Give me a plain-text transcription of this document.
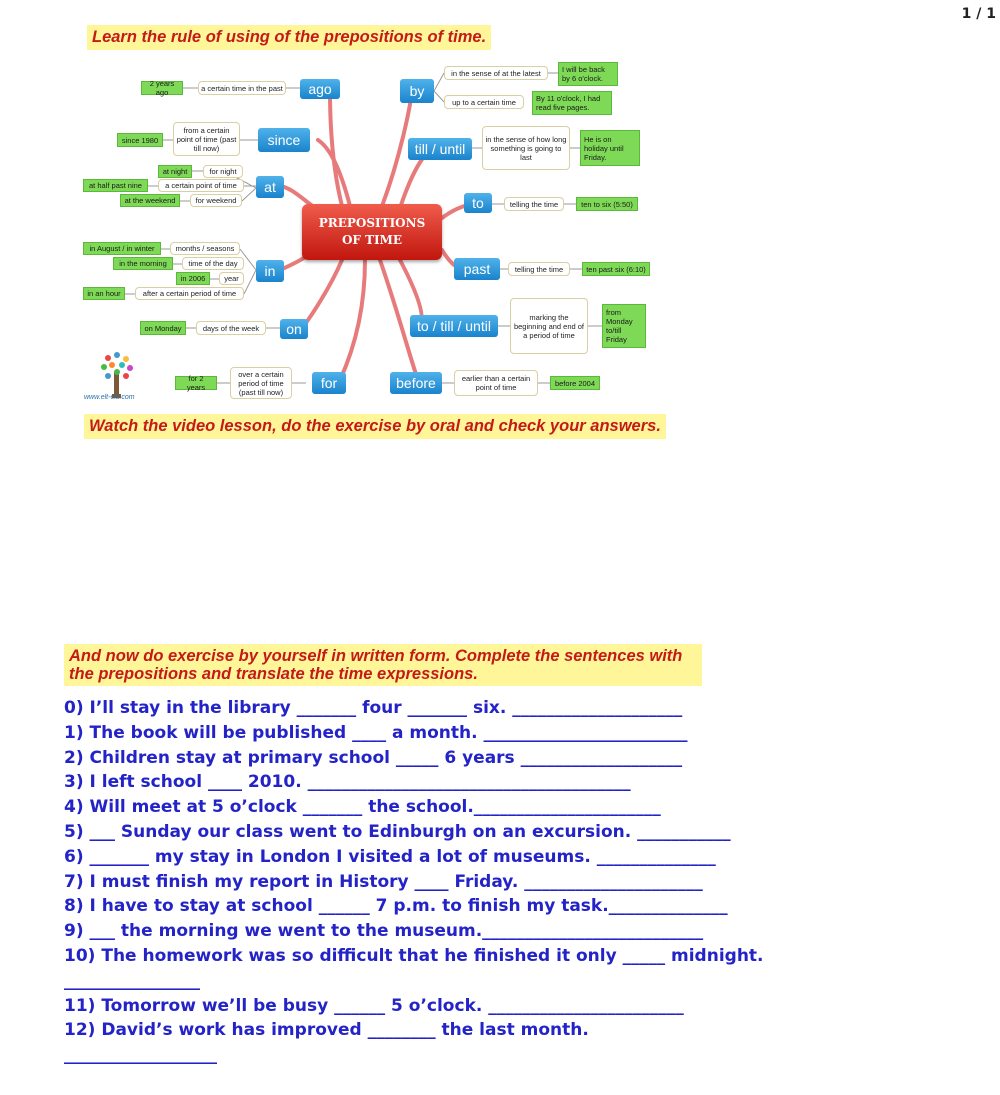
1 / 1
Learn the rule of using of the prepositions of time.
PREPOSITIONS
OF TIME
ago
a certain time in the past
2 years ago
since
from a certain point of time (past till now)
since 1980
at
for night
at night
a certain point of time
at half past nine
for weekend
at the weekend
in
months / seasons
in August / in winter
time of the day
in the morning
year
in 2006
after a certain period of time
in an hour
on
days of the week
on Monday
for
over a certain period of time (past till now)
for 2 years
by
in the sense of at the latest	I will be back by 6 o'clock.
up to a certain time	By 11 o'clock, I had read five pages.
till / until
in the sense of how long something is going to last
He is on holiday until Friday.
to	telling the time	ten to six (5:50)
past	telling the time	ten past six (6:10)
to / till / until
marking the beginning and end of a period of time
from Monday to/till Friday
before	earlier than a certain point of time	before 2004
www.elt-els.com
Watch the video lesson, do the exercise by oral and check your answers.
And now do exercise by yourself in written form. Complete the sentences with the prepositions and translate the time expressions.
0) I’ll stay in the library _______ four _______ six. ____________________
1) The book will be published ____ a month. ________________________
2) Children stay at primary school _____ 6 years ___________________
3) I left school ____ 2010. ______________________________________
4) Will meet at 5 o’clock _______ the school.______________________
5) ___ Sunday our class went to Edinburgh on an excursion. ___________
6) _______ my stay in London I visited a lot of museums. ______________
7) I must finish my report in History ____ Friday. _____________________
8) I have to stay at school ______ 7 p.m. to finish my task.______________
9) ___ the morning we went to the museum.__________________________
10) The homework was so difficult that he finished it only _____ midnight.
________________
11) Tomorrow we’ll be busy ______ 5 o’clock. _______________________
12) David’s work has improved ________ the last month.
__________________
